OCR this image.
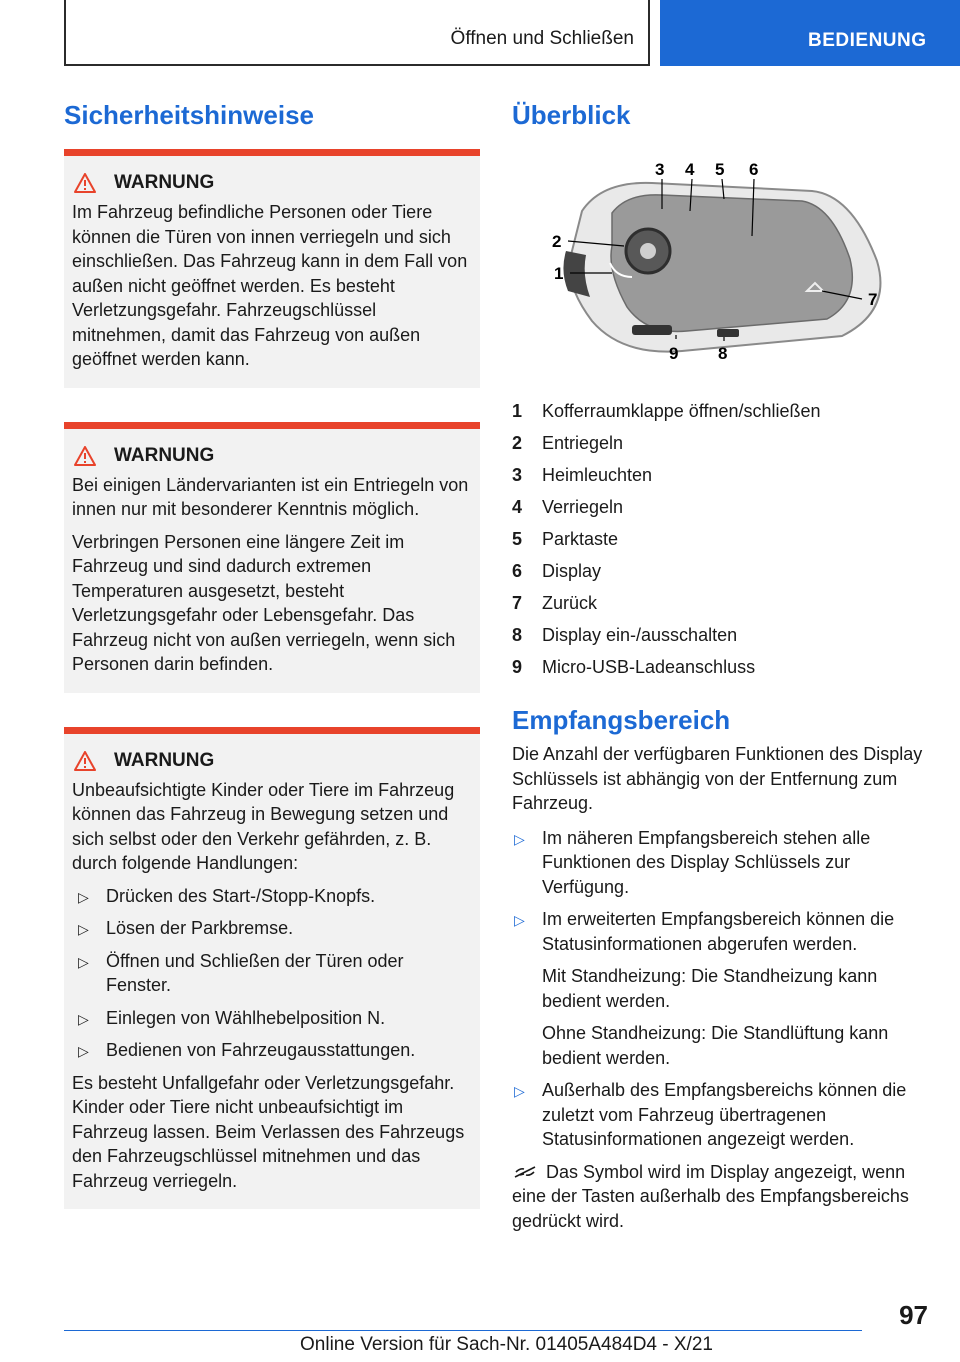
Öffnen und Schließen	BEDIENUNG
Sicherheitshinweise
WARNUNG

Im Fahrzeug befindliche Personen oder Tiere können die Türen von innen verriegeln und sich einschließen. Das Fahrzeug kann in dem Fall von außen nicht geöffnet werden. Es besteht Verletzungsgefahr. Fahrzeugschlüssel mitnehmen, damit das Fahrzeug von außen geöffnet werden kann.

WARNUNG

Bei einigen Ländervarianten ist ein Entriegeln von innen nur mit besonderer Kenntnis möglich.

Verbringen Personen eine längere Zeit im Fahrzeug und sind dadurch extremen Temperaturen ausgesetzt, besteht Verletzungsgefahr oder Lebensgefahr. Das Fahrzeug nicht von außen verriegeln, wenn sich Personen darin befinden.

WARNUNG

Unbeaufsichtigte Kinder oder Tiere im Fahrzeug können das Fahrzeug in Bewegung setzen und sich selbst oder den Verkehr gefährden, z. B. durch folgende Handlungen:

▷ Drücken des Start-/Stopp-Knopfs.
▷ Lösen der Parkbremse.
▷ Öffnen und Schließen der Türen oder Fenster.
▷ Einlegen von Wählhebelposition N.
▷ Bedienen von Fahrzeugausstattungen.

Es besteht Unfallgefahr oder Verletzungsgefahr. Kinder oder Tiere nicht unbeaufsichtigt im Fahrzeug lassen. Beim Verlassen des Fahrzeugs den Fahrzeugschlüssel mitnehmen und das Fahrzeug verriegeln.

Überblick
3 4 5 6
2
1
7
8
9
1	Kofferraumklappe öffnen/schließen
2	Entriegeln
3	Heimleuchten
4	Verriegeln
5	Parktaste
6	Display
7	Zurück
8	Display ein-/ausschalten
9	Micro-USB-Ladeanschluss
Empfangsbereich

Die Anzahl der verfügbaren Funktionen des Display Schlüssels ist abhängig von der Entfernung zum Fahrzeug.

▷ Im näheren Empfangsbereich stehen alle Funktionen des Display Schlüssels zur Verfügung.

▷ Im erweiterten Empfangsbereich können die Statusinformationen abgerufen werden.

Mit Standheizung: Die Standheizung kann bedient werden.

Ohne Standheizung: Die Standlüftung kann bedient werden.

▷ Außerhalb des Empfangsbereichs können die zuletzt vom Fahrzeug übertragenen Statusinformationen angezeigt werden.

Das Symbol wird im Display angezeigt, wenn eine der Tasten außerhalb des Empfangsbereichs gedrückt wird.

97
Online Version für Sach-Nr. 01405A484D4 - X/21
